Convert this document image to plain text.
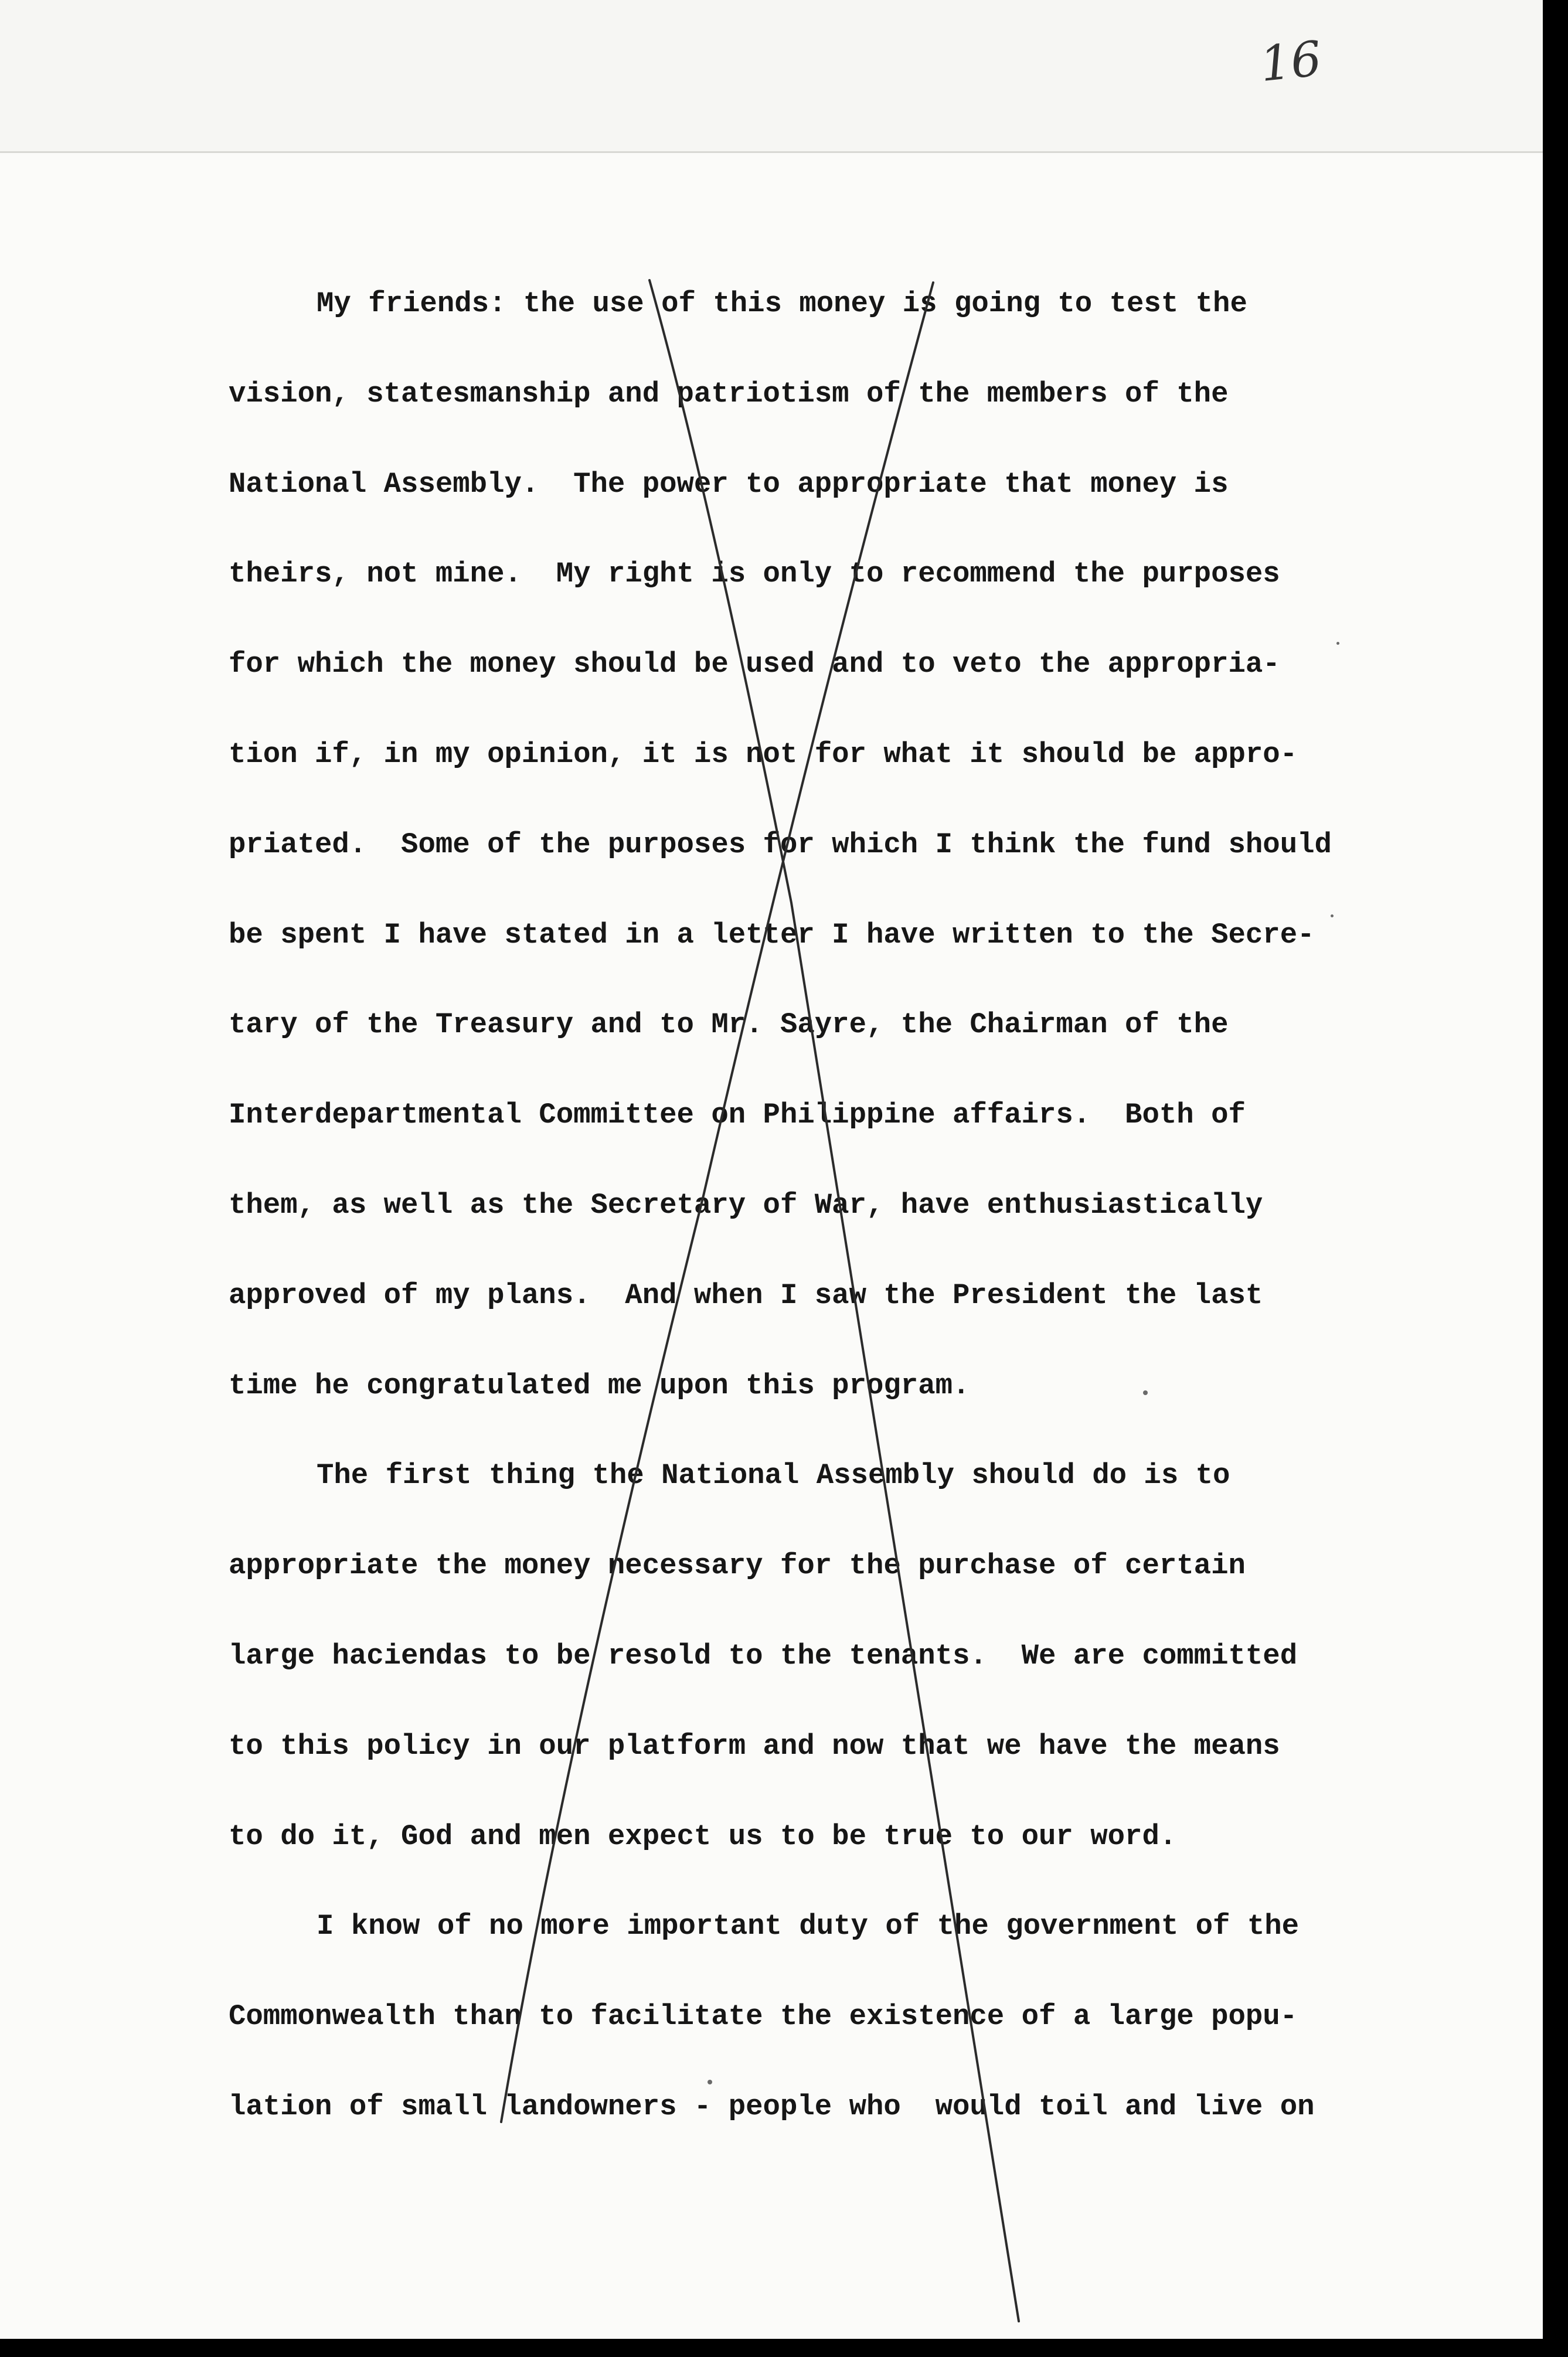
16
My friends: the use of this money is going to test the
vision, statesmanship and patriotism of the members of the
National Assembly.  The power to appropriate that money is
theirs, not mine.  My right is only to recommend the purposes
for which the money should be used and to veto the appropria-
tion if, in my opinion, it is not for what it should be appro-
priated.  Some of the purposes for which I think the fund should
be spent I have stated in a letter I have written to the Secre-
tary of the Treasury and to Mr. Sayre, the Chairman of the
Interdepartmental Committee on Philippine affairs.  Both of
them, as well as the Secretary of War, have enthusiastically
approved of my plans.  And when I saw the President the last
time he congratulated me upon this program.
The first thing the National Assembly should do is to
appropriate the money necessary for the purchase of certain
large haciendas to be resold to the tenants.  We are committed
to this policy in our platform and now that we have the means
to do it, God and men expect us to be true to our word.
I know of no more important duty of the government of the
Commonwealth than to facilitate the existence of a large popu-
lation of small landowners - people who  would toil and live on
